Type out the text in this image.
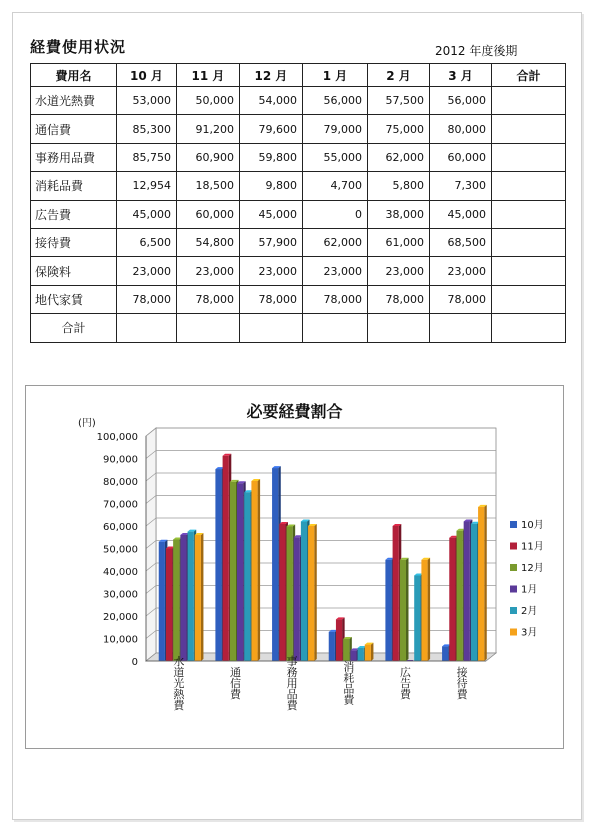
経費使用状況	2012 年度後期
費用名	10 月	11 月	12 月	1 月	2 月	3 月	合計
水道光熱費	53,000	50,000	54,000	56,000	57,500	56,000	
通信費	85,300	91,200	79,600	79,000	75,000	80,000	
事務用品費	85,750	60,900	59,800	55,000	62,000	60,000	
消耗品費	12,954	18,500	9,800	4,700	5,800	7,300	
広告費	45,000	60,000	45,000	0	38,000	45,000	
接待費	6,500	54,800	57,900	62,000	61,000	68,500	
保険料	23,000	23,000	23,000	23,000	23,000	23,000	
地代家賃	78,000	78,000	78,000	78,000	78,000	78,000	
合計							
必要経費割合
0
10,000
20,000
30,000
40,000
50,000
60,000
70,000
80,000
90,000
100,000
(円)
水道光熱費	通信費	事務用品費	消耗品費	広告費	接待費
10月
11月
12月
1月
2月
3月
